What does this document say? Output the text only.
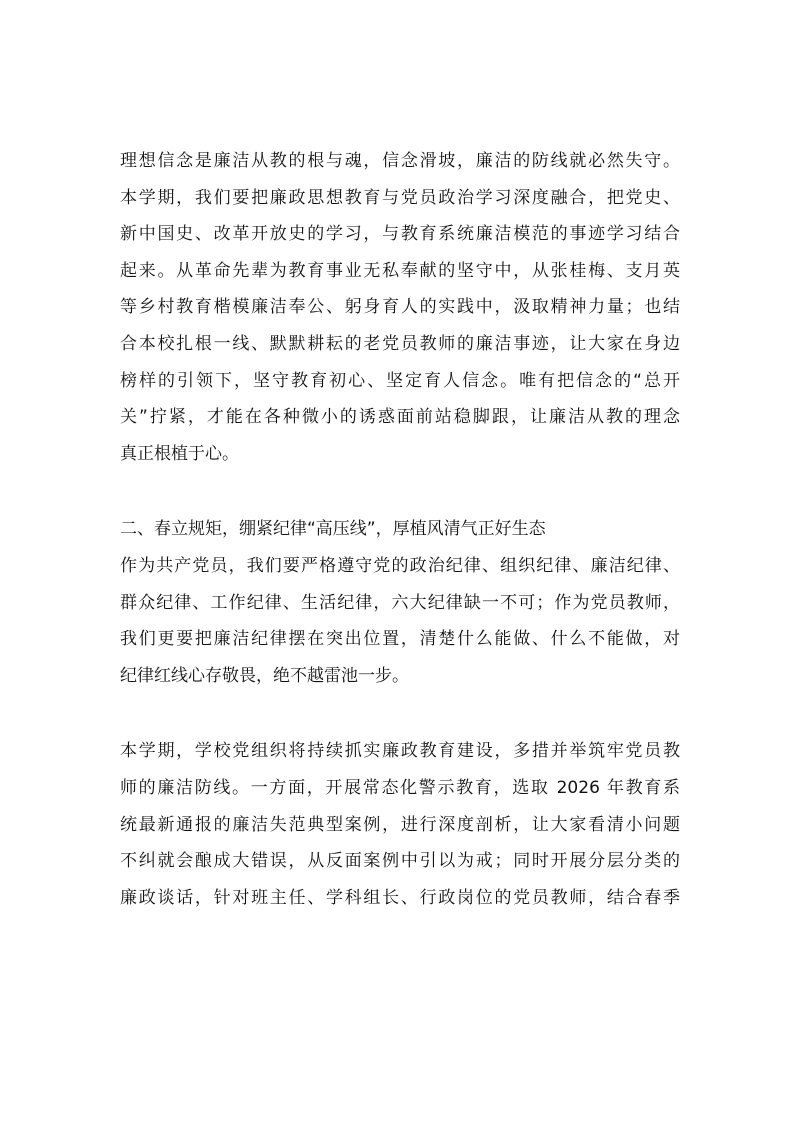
理想信念是廉洁从教的根与魂，信念滑坡，廉洁的防线就必然失守。
本学期，我们要把廉政思想教育与党员政治学习深度融合，把党史、
新中国史、改革开放史的学习，与教育系统廉洁模范的事迹学习结合
起来。从革命先辈为教育事业无私奉献的坚守中，从张桂梅、支月英
等乡村教育楷模廉洁奉公、躬身育人的实践中，汲取精神力量；也结
合本校扎根一线、默默耕耘的老党员教师的廉洁事迹，让大家在身边
榜样的引领下，坚守教育初心、坚定育人信念。唯有把信念的“总开
关”拧紧，才能在各种微小的诱惑面前站稳脚跟，让廉洁从教的理念
真正根植于心。
二、春立规矩，绷紧纪律“高压线”，厚植风清气正好生态
作为共产党员，我们要严格遵守党的政治纪律、组织纪律、廉洁纪律、
群众纪律、工作纪律、生活纪律，六大纪律缺一不可；作为党员教师，
我们更要把廉洁纪律摆在突出位置，清楚什么能做、什么不能做，对
纪律红线心存敬畏，绝不越雷池一步。
本学期，学校党组织将持续抓实廉政教育建设，多措并举筑牢党员教
师的廉洁防线。一方面，开展常态化警示教育，选取 2026 年教育系
统最新通报的廉洁失范典型案例，进行深度剖析，让大家看清小问题
不纠就会酿成大错误，从反面案例中引以为戒；同时开展分层分类的
廉政谈话，针对班主任、学科组长、行政岗位的党员教师，结合春季
